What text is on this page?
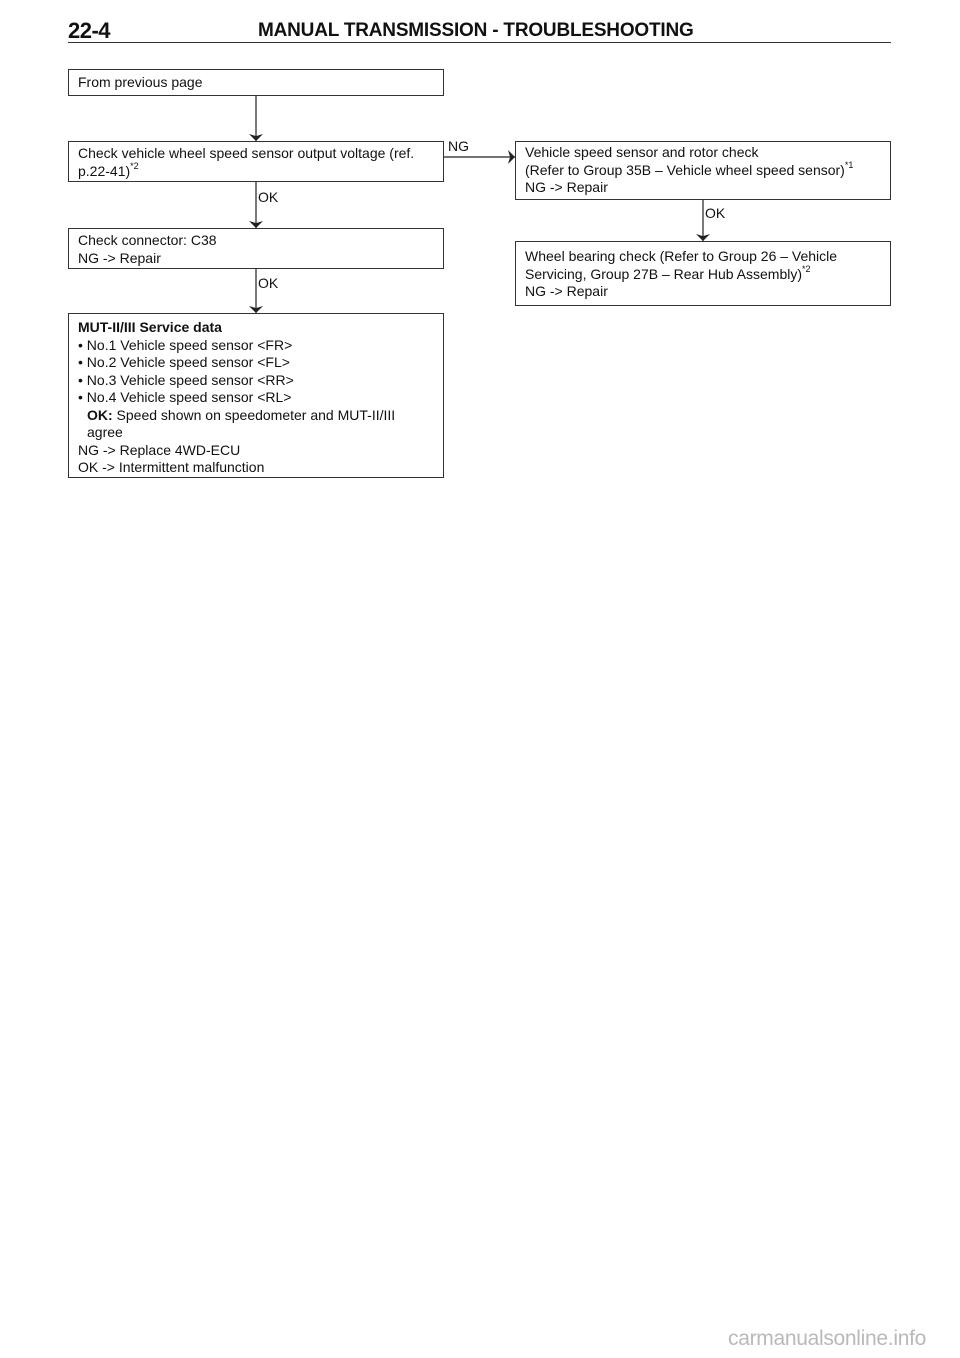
22-4	MANUAL TRANSMISSION - TROUBLESHOOTING
From previous page
Check vehicle wheel speed sensor output voltage (ref.
p.22-41)$^{*2}$
OK
Check connector: C38
NG -> Repair
OK
MUT-II/III Service data
• No.1 Vehicle speed sensor <FR>
• No.2 Vehicle speed sensor <FL>
• No.3 Vehicle speed sensor <RR>
• No.4 Vehicle speed sensor <RL>
OK: Speed shown on speedometer and MUT-II/III
agree
NG -> Replace 4WD-ECU
OK -> Intermittent malfunction
NG	Vehicle speed sensor and rotor check
(Refer to Group 35B – Vehicle wheel speed sensor)$^{*1}$
NG -> Repair
OK
Wheel bearing check (Refer to Group 26 – Vehicle
Servicing, Group 27B – Rear Hub Assembly)$^{*2}$
NG -> Repair
carmanualsonline.info
